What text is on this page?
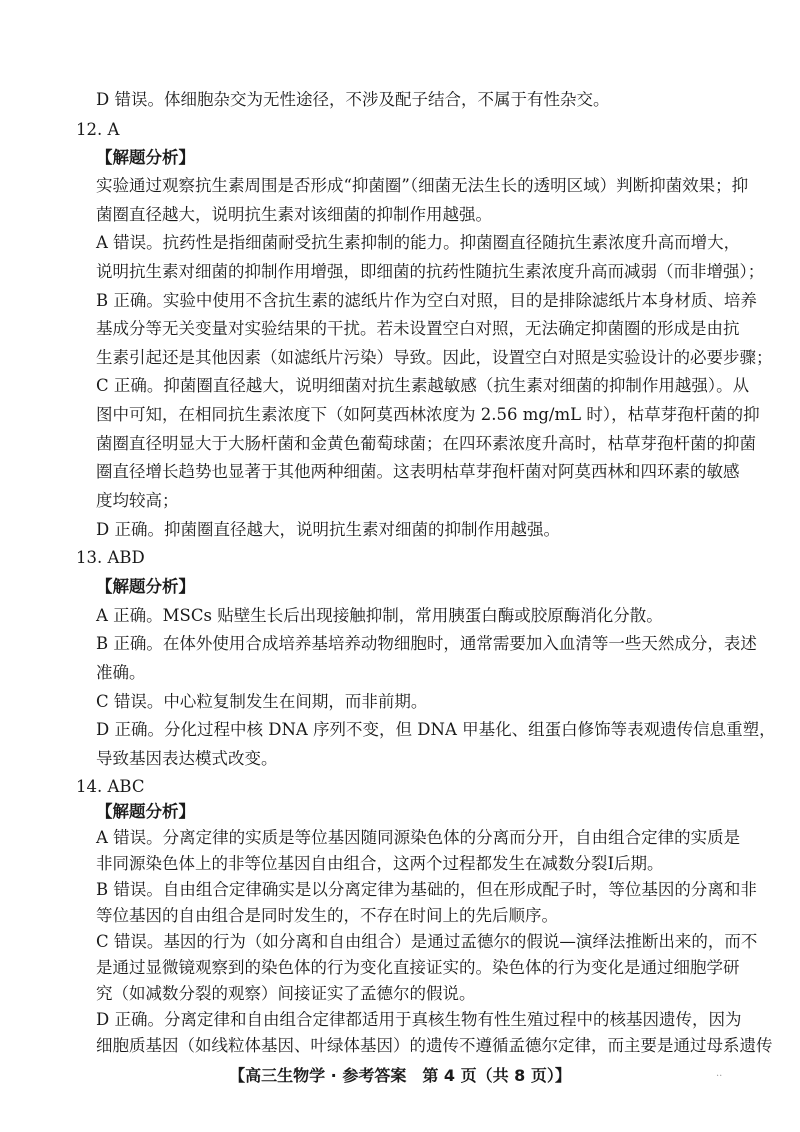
D 错误。体细胞杂交为无性途径，不涉及配子结合，不属于有性杂交。
12. A
【解题分析】
实验通过观察抗生素周围是否形成“抑菌圈”（细菌无法生长的透明区域）判断抑菌效果；抑
菌圈直径越大，说明抗生素对该细菌的抑制作用越强。
A 错误。抗药性是指细菌耐受抗生素抑制的能力。抑菌圈直径随抗生素浓度升高而增大，
说明抗生素对细菌的抑制作用增强，即细菌的抗药性随抗生素浓度升高而减弱（而非增强）；
B 正确。实验中使用不含抗生素的滤纸片作为空白对照，目的是排除滤纸片本身材质、培养
基成分等无关变量对实验结果的干扰。若未设置空白对照，无法确定抑菌圈的形成是由抗
生素引起还是其他因素（如滤纸片污染）导致。因此，设置空白对照是实验设计的必要步骤；
C 正确。抑菌圈直径越大，说明细菌对抗生素越敏感（抗生素对细菌的抑制作用越强）。从
图中可知，在相同抗生素浓度下（如阿莫西林浓度为 2.56 mg/mL 时），枯草芽孢杆菌的抑
菌圈直径明显大于大肠杆菌和金黄色葡萄球菌；在四环素浓度升高时，枯草芽孢杆菌的抑菌
圈直径增长趋势也显著于其他两种细菌。这表明枯草芽孢杆菌对阿莫西林和四环素的敏感
度均较高；
D 正确。抑菌圈直径越大，说明抗生素对细菌的抑制作用越强。
13. ABD
【解题分析】
A 正确。MSCs 贴壁生长后出现接触抑制，常用胰蛋白酶或胶原酶消化分散。
B 正确。在体外使用合成培养基培养动物细胞时，通常需要加入血清等一些天然成分，表述
准确。
C 错误。中心粒复制发生在间期，而非前期。
D 正确。分化过程中核 DNA 序列不变，但 DNA 甲基化、组蛋白修饰等表观遗传信息重塑，
导致基因表达模式改变。
14. ABC
【解题分析】
A 错误。分离定律的实质是等位基因随同源染色体的分离而分开，自由组合定律的实质是
非同源染色体上的非等位基因自由组合，这两个过程都发生在减数分裂Ⅰ后期。
B 错误。自由组合定律确实是以分离定律为基础的，但在形成配子时，等位基因的分离和非
等位基因的自由组合是同时发生的，不存在时间上的先后顺序。
C 错误。基因的行为（如分离和自由组合）是通过孟德尔的假说—演绎法推断出来的，而不
是通过显微镜观察到的染色体的行为变化直接证实的。染色体的行为变化是通过细胞学研
究（如减数分裂的观察）间接证实了孟德尔的假说。
D 正确。分离定律和自由组合定律都适用于真核生物有性生殖过程中的核基因遗传，因为
【高三生物学 · 参考答案　第 4 页（共 8 页）】	..
细胞质基因（如线粒体基因、叶绿体基因）的遗传不遵循孟德尔定律，而主要是通过母系遗传
